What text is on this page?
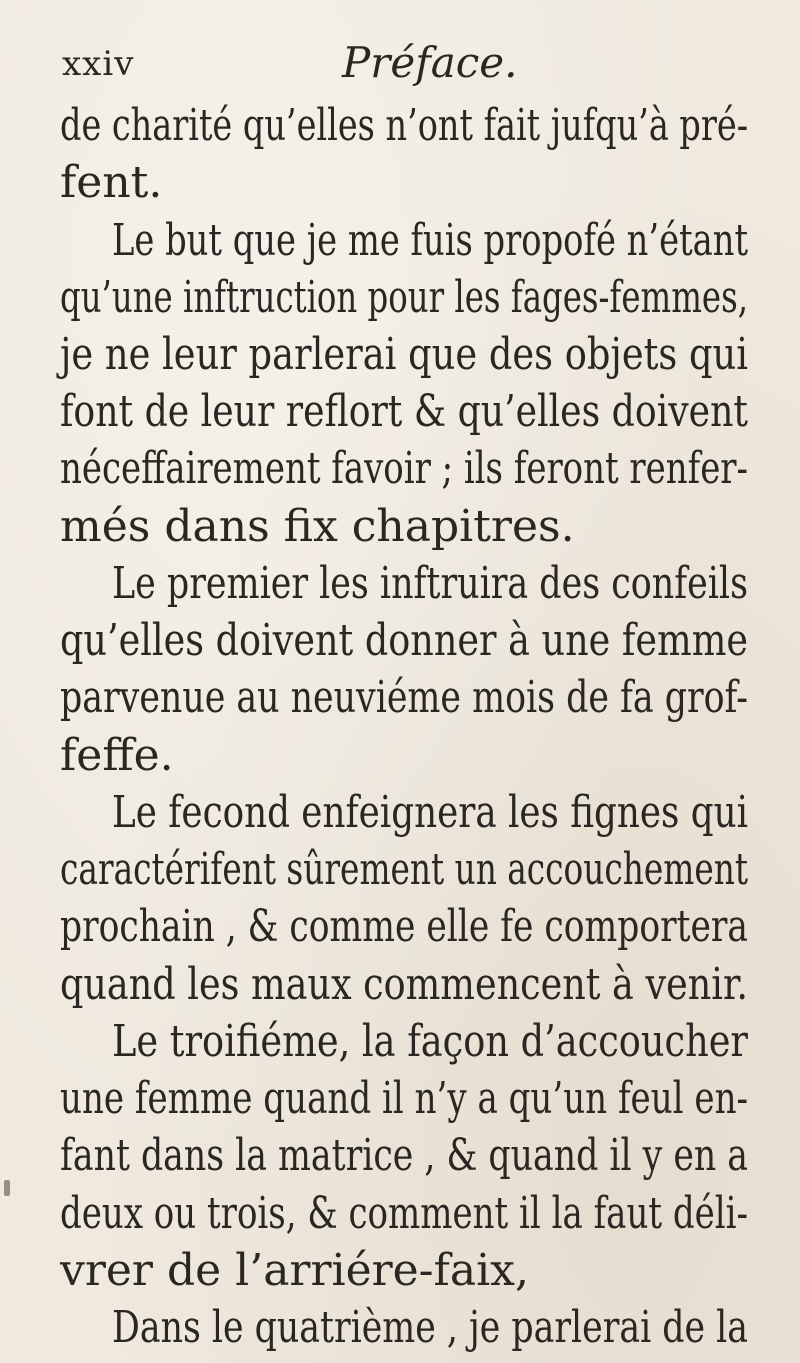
xxiv	Préface.
de charité qu’elles n’ont fait jufqu’à pré-
fent.
Le but que je me fuis propofé n’étant
qu’une inftruction pour les fages-femmes,
je ne leur parlerai que des objets qui
font de leur reflort & qu’elles doivent
néceffairement favoir ; ils feront renfer-
més dans fix chapitres.
Le premier les inftruira des confeils
qu’elles doivent donner à une femme
parvenue au neuviéme mois de fa grof-
feffe.
Le fecond enfeignera les fignes qui
caractérifent sûrement un accouchement
prochain , & comme elle fe comportera
quand les maux commencent à venir.
Le troifiéme, la façon d’accoucher
une femme quand il n’y a qu’un feul en-
fant dans la matrice , & quand il y en a
deux ou trois, & comment il la faut déli-
vrer de l’arriére-faix,
Dans le quatrième , je parlerai de la
